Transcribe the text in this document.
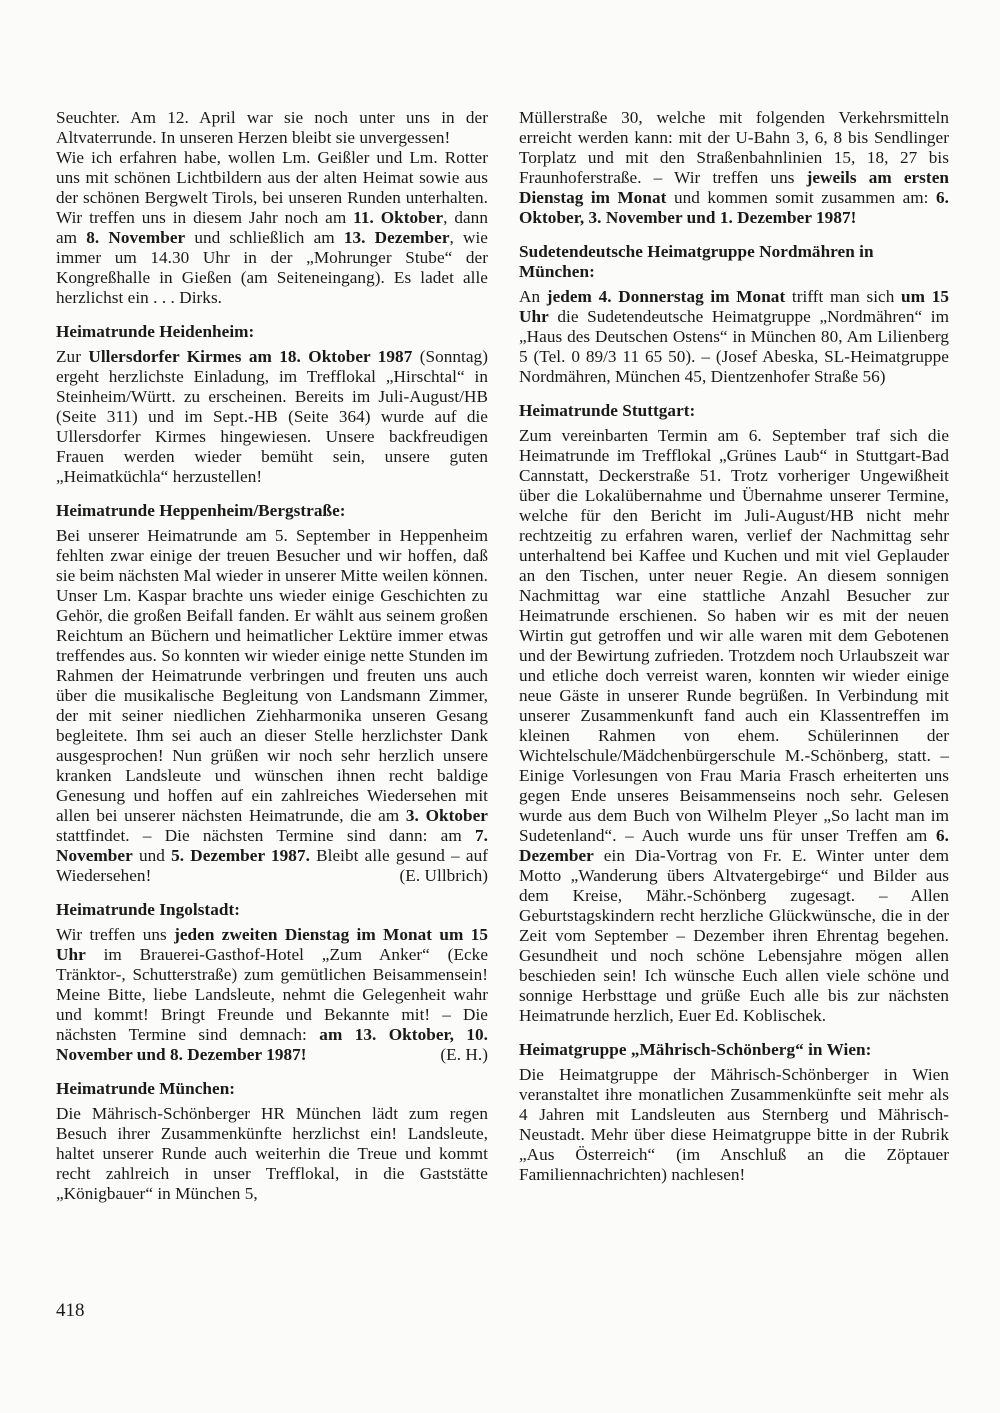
Seuchter. Am 12. April war sie noch unter uns in der Altvaterrunde. In unseren Herzen bleibt sie unvergessen!

Wie ich erfahren habe, wollen Lm. Geißler und Lm. Rotter uns mit schönen Lichtbildern aus der alten Heimat sowie aus der schönen Bergwelt Tirols, bei unseren Runden unterhalten. Wir treffen uns in diesem Jahr noch am 11. Oktober, dann am 8. November und schließlich am 13. Dezember, wie immer um 14.30 Uhr in der „Mohrunger Stube“ der Kongreßhalle in Gießen (am Seiteneingang). Es ladet alle herzlichst ein . . . Dirks.

Heimatrunde Heidenheim:

Zur Ullersdorfer Kirmes am 18. Oktober 1987 (Sonntag) ergeht herzlichste Einladung, im Trefflokal „Hirschtal“ in Steinheim/Württ. zu erscheinen. Bereits im Juli-August/HB (Seite 311) und im Sept.-HB (Seite 364) wurde auf die Ullersdorfer Kirmes hingewiesen. Unsere backfreudigen Frauen werden wieder bemüht sein, unsere guten „Heimatküchla“ herzustellen!

Heimatrunde Heppenheim/Bergstraße:

Bei unserer Heimatrunde am 5. September in Heppenheim fehlten zwar einige der treuen Besucher und wir hoffen, daß sie beim nächsten Mal wieder in unserer Mitte weilen können. Unser Lm. Kaspar brachte uns wieder einige Geschichten zu Gehör, die großen Beifall fanden. Er wählt aus seinem großen Reichtum an Büchern und heimatlicher Lektüre immer etwas treffendes aus. So konnten wir wieder einige nette Stunden im Rahmen der Heimatrunde verbringen und freuten uns auch über die musikalische Begleitung von Landsmann Zimmer, der mit seiner niedlichen Ziehharmonika unseren Gesang begleitete. Ihm sei auch an dieser Stelle herzlichster Dank ausgesprochen! Nun grüßen wir noch sehr herzlich unsere kranken Landsleute und wünschen ihnen recht baldige Genesung und hoffen auf ein zahlreiches Wiedersehen mit allen bei unserer nächsten Heimatrunde, die am 3. Oktober stattfindet. – Die nächsten Termine sind dann: am 7. November und 5. Dezember 1987. Bleibt alle gesund – auf Wiedersehen!	(E. Ullbrich)

Heimatrunde Ingolstadt:

Wir treffen uns jeden zweiten Dienstag im Monat um 15 Uhr im Brauerei-Gasthof-Hotel „Zum Anker“ (Ecke Tränktor-, Schutterstraße) zum gemütlichen Beisammensein! Meine Bitte, liebe Landsleute, nehmt die Gelegenheit wahr und kommt! Bringt Freunde und Bekannte mit! – Die nächsten Termine sind demnach: am 13. Oktober, 10. November und 8. Dezember 1987!	(E. H.)

Heimatrunde München:

Die Mährisch-Schönberger HR München lädt zum regen Besuch ihrer Zusammenkünfte herzlichst ein! Landsleute, haltet unserer Runde auch weiterhin die Treue und kommt recht zahlreich in unser Trefflokal, in die Gaststätte „Königbauer“ in München 5,

Müllerstraße 30, welche mit folgenden Verkehrsmitteln erreicht werden kann: mit der U-Bahn 3, 6, 8 bis Sendlinger Torplatz und mit den Straßenbahnlinien 15, 18, 27 bis Fraunhoferstraße. – Wir treffen uns jeweils am ersten Dienstag im Monat und kommen somit zusammen am: 6. Oktober, 3. November und 1. Dezember 1987!

Sudetendeutsche Heimatgruppe Nordmähren in München:

An jedem 4. Donnerstag im Monat trifft man sich um 15 Uhr die Sudetendeutsche Heimatgruppe „Nordmähren“ im „Haus des Deutschen Ostens“ in München 80, Am Lilienberg 5 (Tel. 0 89/3 11 65 50). – (Josef Abeska, SL-Heimatgruppe Nordmähren, München 45, Dientzenhofer Straße 56)

Heimatrunde Stuttgart:

Zum vereinbarten Termin am 6. September traf sich die Heimatrunde im Trefflokal „Grünes Laub“ in Stuttgart-Bad Cannstatt, Deckerstraße 51. Trotz vorheriger Ungewißheit über die Lokalübernahme und Übernahme unserer Termine, welche für den Bericht im Juli-August/HB nicht mehr rechtzeitig zu erfahren waren, verlief der Nachmittag sehr unterhaltend bei Kaffee und Kuchen und mit viel Geplauder an den Tischen, unter neuer Regie. An diesem sonnigen Nachmittag war eine stattliche Anzahl Besucher zur Heimatrunde erschienen. So haben wir es mit der neuen Wirtin gut getroffen und wir alle waren mit dem Gebotenen und der Bewirtung zufrieden. Trotzdem noch Urlaubszeit war und etliche doch verreist waren, konnten wir wieder einige neue Gäste in unserer Runde begrüßen. In Verbindung mit unserer Zusammenkunft fand auch ein Klassentreffen im kleinen Rahmen von ehem. Schülerinnen der Wichtelschule/Mädchenbürgerschule M.-Schönberg, statt. – Einige Vorlesungen von Frau Maria Frasch erheiterten uns gegen Ende unseres Beisammenseins noch sehr. Gelesen wurde aus dem Buch von Wilhelm Pleyer „So lacht man im Sudetenland“. – Auch wurde uns für unser Treffen am 6. Dezember ein Dia-Vortrag von Fr. E. Winter unter dem Motto „Wanderung übers Altvatergebirge“ und Bilder aus dem Kreise, Mähr.-Schönberg zugesagt. – Allen Geburtstagskindern recht herzliche Glückwünsche, die in der Zeit vom September – Dezember ihren Ehrentag begehen. Gesundheit und noch schöne Lebensjahre mögen allen beschieden sein! Ich wünsche Euch allen viele schöne und sonnige Herbsttage und grüße Euch alle bis zur nächsten Heimatrunde herzlich, Euer Ed. Koblischek.

Heimatgruppe „Mährisch-Schönberg“ in Wien:

Die Heimatgruppe der Mährisch-Schönberger in Wien veranstaltet ihre monatlichen Zusammenkünfte seit mehr als 4 Jahren mit Landsleuten aus Sternberg und Mährisch-Neustadt. Mehr über diese Heimatgruppe bitte in der Rubrik „Aus Österreich“ (im Anschluß an die Zöptauer Familiennachrichten) nachlesen!

418
